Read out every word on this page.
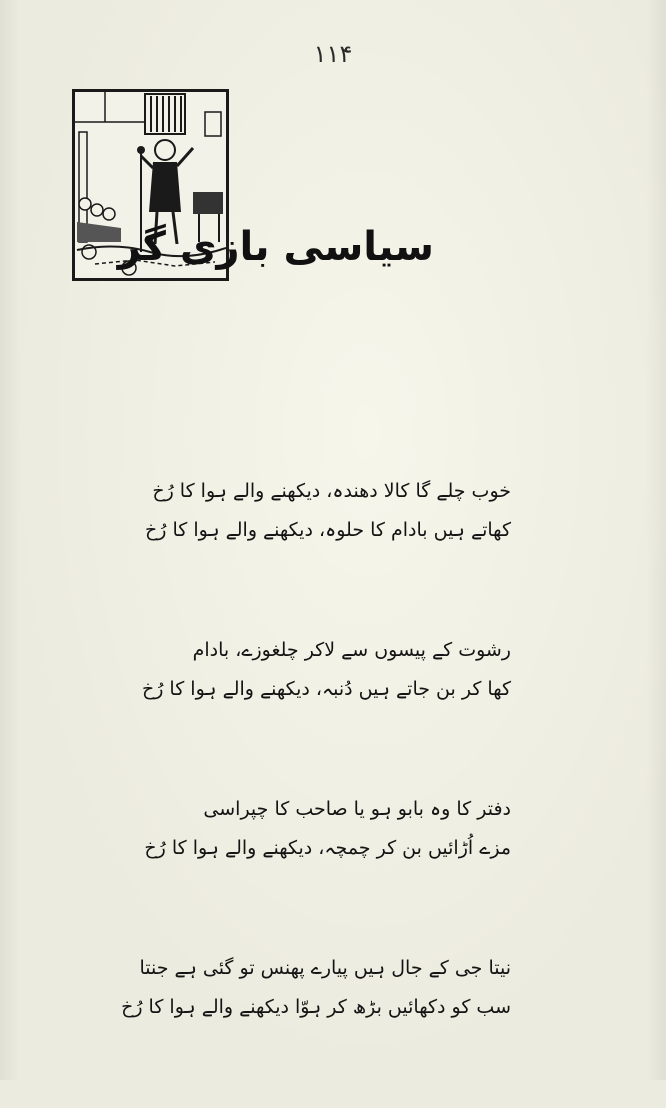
۱۱۴
سیاسی بازی گر
خوب چلے گا کالا دھندہ، دیکھنے والے ہوا کا رُخ
کھاتے ہیں بادام کا حلوہ، دیکھنے والے ہوا کا رُخ
رشوت کے پیسوں سے لاکر چلغوزے، بادام
کھا کر بن جاتے ہیں دُنبہ، دیکھنے والے ہوا کا رُخ
دفتر کا وہ بابو ہو یا صاحب کا چپراسی
مزے اُڑائیں بن کر چمچہ، دیکھنے والے ہوا کا رُخ
نیتا جی کے جال ہیں پیارے پھنس تو گئی ہے جنتا
سب کو دکھائیں بڑھ کر ہوّا دیکھنے والے ہوا کا رُخ
